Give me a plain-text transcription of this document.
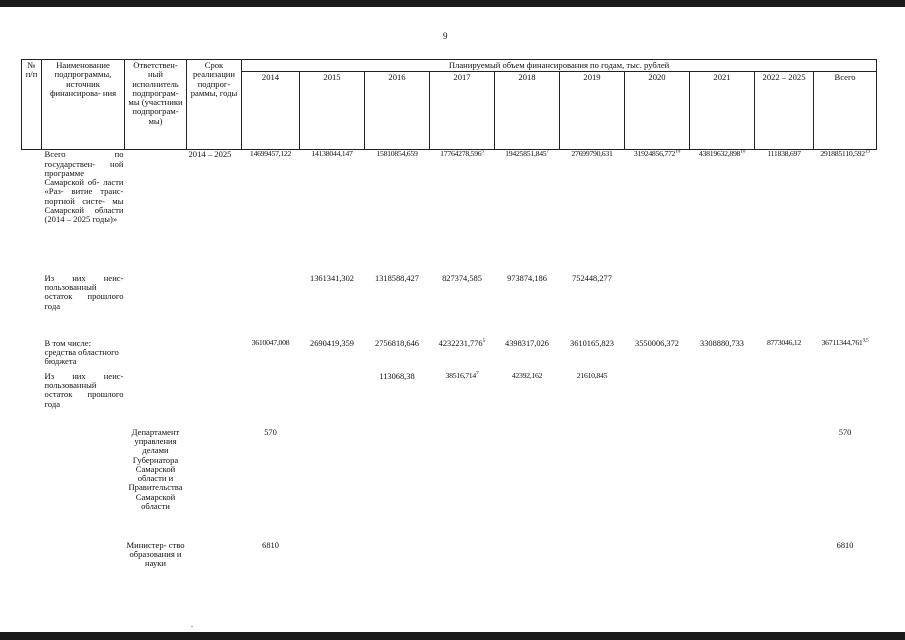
9
№ п/п	Наименование подпрограммы, источник финансирова- ния	Ответствен- ный исполнитель подпрограм- мы (участники подпрограм- мы)	Срок реализации подпрог- раммы, годы	Планируемый объем финансирования по годам, тыс. рублей									
				2014	2015	2016	2017	2018	2019	2020	2021	2022 – 2025	Всего
	Всего по государствен- ной программе Самарской об- ласти «Раз- витие транс- портной систе- мы Самарской области (2014 – 2025 годы)»		2014 – 2025	14699457,122	14138044,147	15810854,659	17764278,596$^5$	19425851,845$^7$	27699790,631	31924856,772$^{10}$	43819632,898$^{10}$	111838,697	291885110,592$^{13}$
	Из них неис- пользованный остаток прошлого года				1361341,302	1318588,427	827374,585	973874,186	752448,277				

	В том числе: средства областного бюджета			3610047,008	2690419,359	2756818,646	4232231,776$^5$	4398317,026	3610165,823	3550006,372	3308880,733	8773046,12	36711344,761$^{3,5}$

	Из них неис- пользованный остаток прошлого года					113068,38	38516,714$^7$	42392,162	21610,845				
		Департамент управления делами Губернатора Самарской области и Правительства Самарской области		570									570
		Министер- ство образования и науки		6810									6810
.
